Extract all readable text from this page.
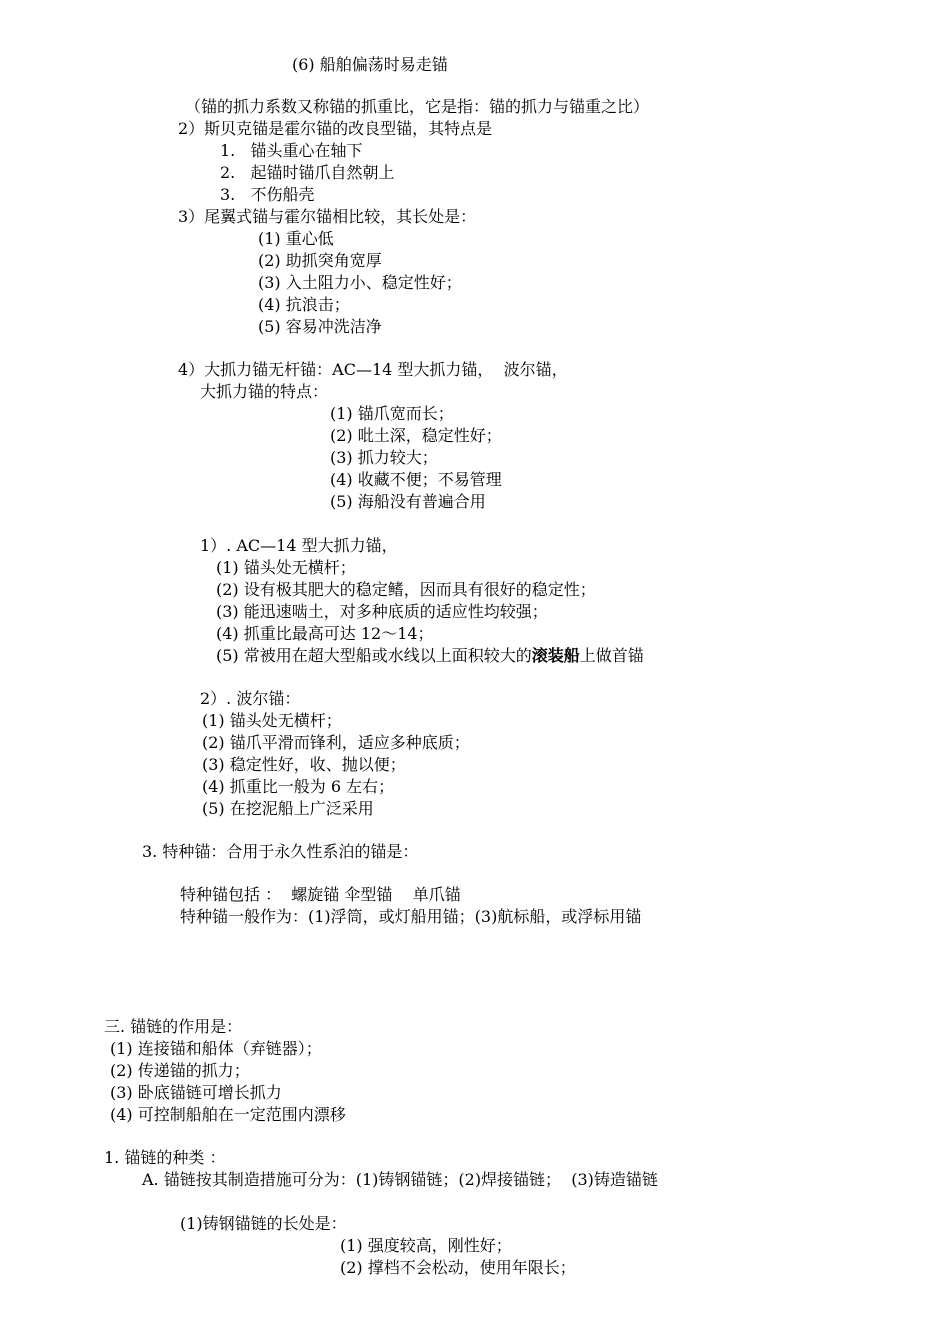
(6) 船舶偏荡时易走锚
（锚的抓力系数又称锚的抓重比，它是指：锚的抓力与锚重之比）
2）斯贝克锚是霍尔锚的改良型锚，其特点是
1.   锚头重心在轴下
2.   起锚时锚爪自然朝上
3.   不伤船壳
3）尾翼式锚与霍尔锚相比较，其长处是：
(1) 重心低
(2) 助抓突角宽厚
(3) 入土阻力小、稳定性好；
(4) 抗浪击；
(5) 容易冲洗洁净
4）大抓力锚无杆锚：AC—14 型大抓力锚，  波尔锚，
大抓力锚的特点：
(1) 锚爪宽而长；
(2) 吡土深，稳定性好；
(3) 抓力较大；
(4) 收藏不便；不易管理
(5) 海船没有普遍合用
1）. AC—14 型大抓力锚，
(1) 锚头处无横杆；
(2) 设有极其肥大的稳定鳍，因而具有很好的稳定性；
(3) 能迅速啮土，对多种底质的适应性均较强；
(4) 抓重比最高可达 12～14；
(5) 常被用在超大型船或水线以上面积较大的滚装船上做首锚
2）. 波尔锚：
(1) 锚头处无横杆；
(2) 锚爪平滑而锋利，适应多种底质；
(3) 稳定性好，收、抛以便；
(4) 抓重比一般为 6 左右；
(5) 在挖泥船上广泛采用
3. 特种锚：合用于永久性系泊的锚是：
特种锚包括 ：  螺旋锚 伞型锚    单爪锚
特种锚一般作为：(1)浮筒，或灯船用锚；(3)航标船，或浮标用锚
三. 锚链的作用是：
(1) 连接锚和船体（弃链器）；
(2) 传递锚的抓力；
(3) 卧底锚链可增长抓力
(4) 可控制船舶在一定范围内漂移
1. 锚链的种类 ：
A. 锚链按其制造措施可分为：(1)铸钢锚链；(2)焊接锚链；  (3)铸造锚链
(1)铸钢锚链的长处是：
(1) 强度较高，刚性好；
(2) 撑档不会松动，使用年限长；
